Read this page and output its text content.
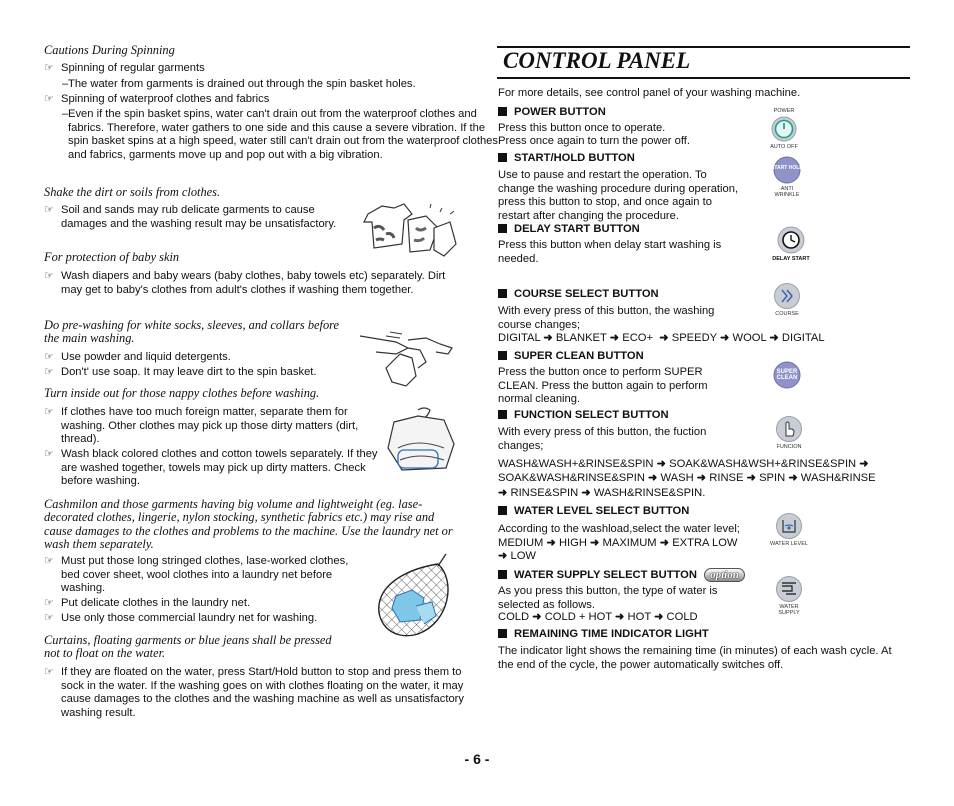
Cautions During Spinning
☞ Spinning of regular garments
– The water from garments is drained out through the spin basket holes.
☞ Spinning of waterproof clothes and fabrics
– Even if the spin basket spins, water can't drain out from the waterproof clothes and fabrics. Therefore, water gathers to one side and this cause a severe vibration. If the spin basket spins at a high speed, water still can't drain out from the waterproof clothes and fabrics, garments move up and pop out with a big vibration.
Shake the dirt or soils from clothes.
☞ Soil and sands may rub delicate garments to cause damages and the washing result may be unsatisfactory.
For protection of baby skin
☞ Wash diapers and baby wears (baby clothes, baby towels etc) separately. Dirt may get to baby's clothes from adult's clothes if washing them together.
Do pre-washing for white socks, sleeves, and collars before the main washing.
☞ Use powder and liquid detergents.
☞ Don't' use soap. It may leave dirt to the spin basket.
Turn inside out for those nappy clothes before washing.
☞ If clothes have too much foreign matter, separate them for washing. Other clothes may pick up those dirty matters (dirt, thread).
☞ Wash black colored clothes and cotton towels separately. If they are washed together, towels may pick up dirty matters. Check before washing.
Cashmilon and those garments having big volume and lightweight (eg. lase-decorated clothes, lingerie, nylon stocking, synthetic fabrics etc.) may rise and cause damages to the clothes and problems to the machine. Use the laundry net or wash them separately.
☞ Must put those long stringed clothes, lase-worked clothes, bed cover sheet, wool clothes into a laundry net before washing.
☞ Put delicate clothes in the laundry net.
☞ Use only those commercial laundry net for washing.
Curtains, floating garments or blue jeans shall be pressed not to float on the water.
☞ If they are floated on the water, press Start/Hold button to stop and press them to sock in the water. If the washing goes on with clothes floating on the water, it may cause damages to the clothes and the washing machine as well as unsatisfactory washing result.
CONTROL PANEL
For more details, see control panel of your washing machine.
POWER BUTTON
Press this button once to operate.
Press once again to turn the power off.
POWER
AUTO OFF
START/HOLD BUTTON
Use to pause and restart the operation. To change the washing procedure during operation, press this button to stop, and once again to restart after changing the procedure.
START HOLD
ANTI WRINKLE
DELAY START BUTTON
Press this button when delay start washing is needed.	DELAY START
COURSE SELECT BUTTON
With every press of this button, the washing course changes;
DIGITAL ➜ BLANKET ➜ ECO+ ➜ SPEEDY ➜ WOOL ➜ DIGITAL
COURSE
SUPER CLEAN BUTTON
Press the button once to perform SUPER CLEAN. Press the button again to perform normal cleaning.
SUPER CLEAN
FUNCTION SELECT BUTTON
With every press of this button, the fuction changes;	FUNCION
WASH&WASH+&RINSE&SPIN ➜ SOAK&WASH&WSH+&RINSE&SPIN ➜
SOAK&WASH&RINSE&SPIN ➜ WASH ➜ RINSE ➜ SPIN ➜ WASH&RINSE
➜ RINSE&SPIN ➜ WASH&RINSE&SPIN.
WATER LEVEL SELECT BUTTON
According to the washload,select the water level;
MEDIUM ➜ HIGH ➜ MAXIMUM ➜ EXTRA LOW
➜ LOW
WATER LEVEL
WATER SUPPLY SELECT BUTTON option
As you press this button, the type of water is selected as follows.
COLD ➜ COLD + HOT ➜ HOT ➜ COLD
WATER SUPPLY
REMAINING TIME INDICATOR LIGHT
The indicator light shows the remaining time (in minutes) of each wash cycle. At the end of the cycle, the power automatically switches off.
- 6 -
